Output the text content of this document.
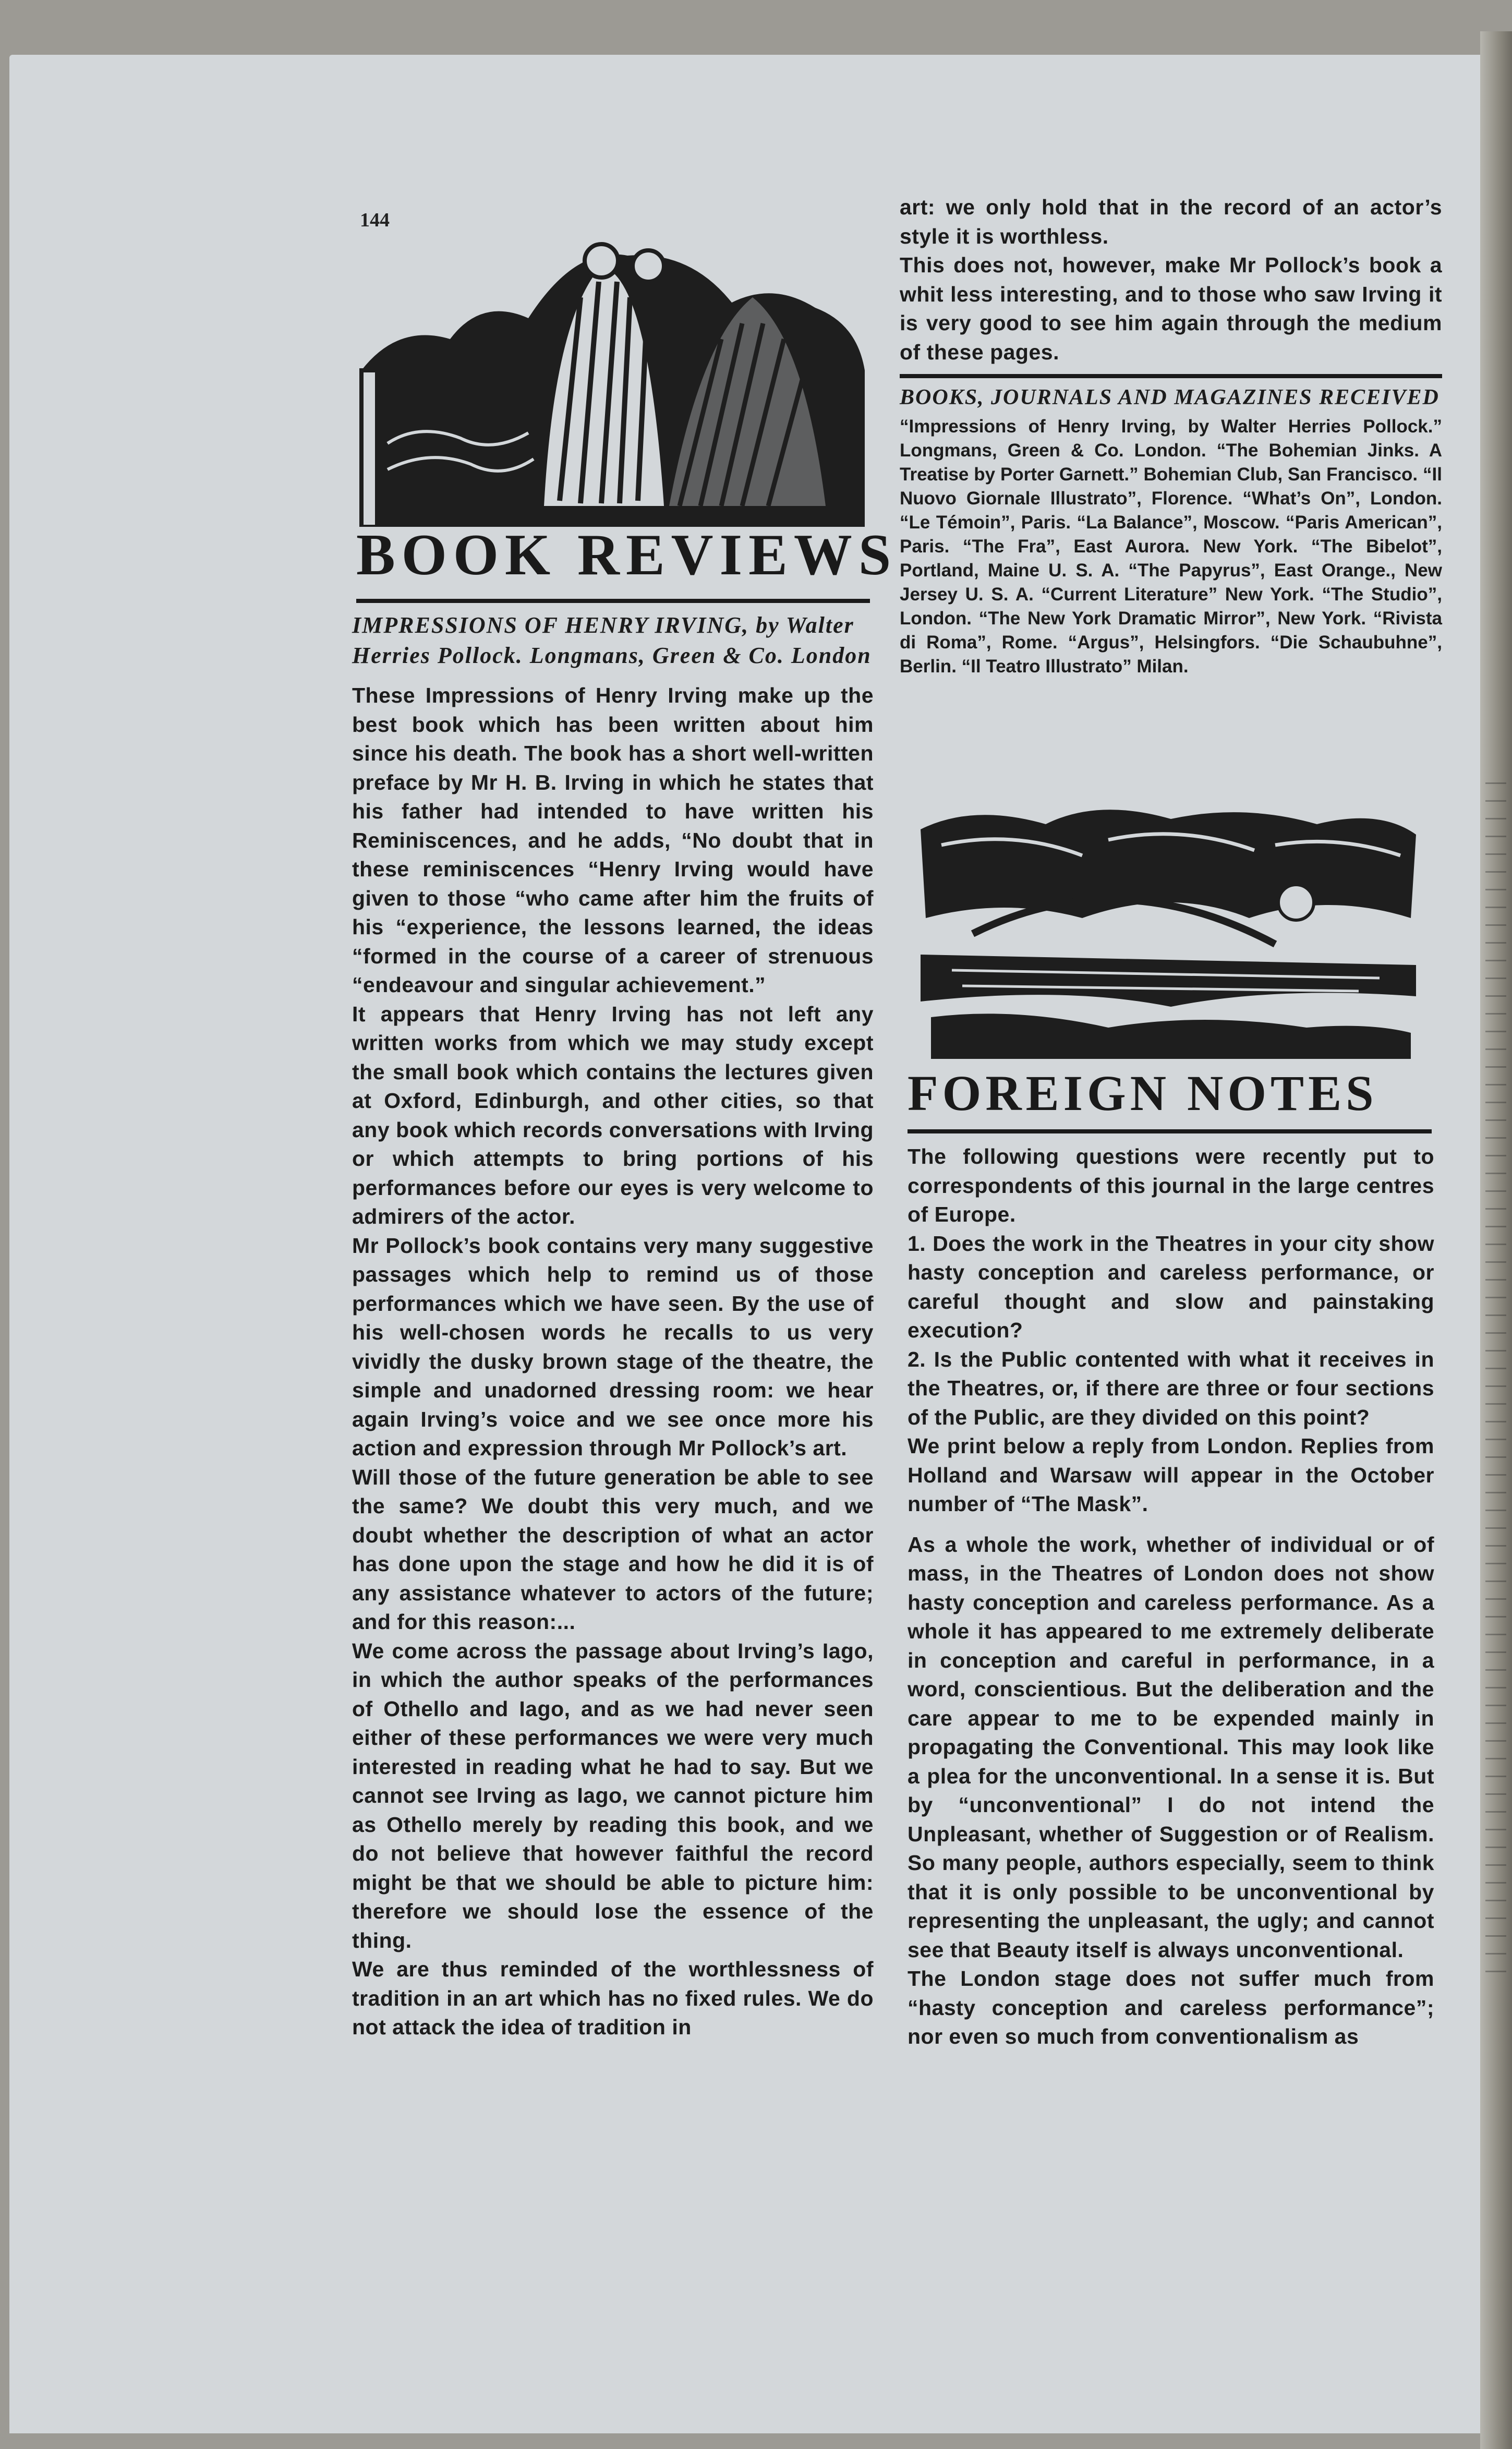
144
BOOK REVIEWS
IMPRESSIONS OF HENRY IRVING, by Walter Herries Pollock. Longmans, Green & Co. London

These Impressions of Henry Irving make up the best book which has been written about him since his death. The book has a short well-written preface by Mr H. B. Irving in which he states that his father had intended to have written his Reminiscences, and he adds, “No doubt that in these reminiscences “Henry Irving would have given to those “who came after him the fruits of his “experience, the lessons learned, the ideas “formed in the course of a career of strenuous “endeavour and singular achievement.”

It appears that Henry Irving has not left any written works from which we may study except the small book which contains the lectures given at Oxford, Edinburgh, and other cities, so that any book which records conversations with Irving or which attempts to bring portions of his performances before our eyes is very welcome to admirers of the actor.

Mr Pollock’s book contains very many suggestive passages which help to remind us of those performances which we have seen. By the use of his well-chosen words he recalls to us very vividly the dusky brown stage of the theatre, the simple and unadorned dressing room: we hear again Irving’s voice and we see once more his action and expression through Mr Pollock’s art.

Will those of the future generation be able to see the same? We doubt this very much, and we doubt whether the description of what an actor has done upon the stage and how he did it is of any assistance whatever to actors of the future; and for this reason:...

We come across the passage about Irving’s Iago, in which the author speaks of the performances of Othello and Iago, and as we had never seen either of these performances we were very much interested in reading what he had to say. But we cannot see Irving as Iago, we cannot picture him as Othello merely by reading this book, and we do not believe that however faithful the record might be that we should be able to picture him: therefore we should lose the essence of the thing.

We are thus reminded of the worthlessness of tradition in an art which has no fixed rules. We do not attack the idea of tradition in

art: we only hold that in the record of an actor’s style it is worthless.

This does not, however, make Mr Pollock’s book a whit less interesting, and to those who saw Irving it is very good to see him again through the medium of these pages.

BOOKS, JOURNALS AND MAGAZINES RECEIVED
“Impressions of Henry Irving, by Walter Herries Pollock.” Longmans, Green & Co. London. “The Bohemian Jinks. A Treatise by Porter Garnett.” Bohemian Club, San Francisco. “Il Nuovo Giornale Illustrato”, Florence. “What’s On”, London. “Le Témoin”, Paris. “La Balance”, Moscow. “Paris American”, Paris. “The Fra”, East Aurora. New York. “The Bibelot”, Portland, Maine U. S. A. “The Papyrus”, East Orange., New Jersey U. S. A. “Current Literature” New York. “The Studio”, London. “The New York Dramatic Mirror”, New York. “Rivista di Roma”, Rome. “Argus”, Helsingfors. “Die Schaubuhne”, Berlin. “Il Teatro Illustrato” Milan.
FOREIGN NOTES

The following questions were recently put to correspondents of this journal in the large centres of Europe.

1. Does the work in the Theatres in your city show hasty conception and careless performance, or careful thought and slow and painstaking execution?

2. Is the Public contented with what it receives in the Theatres, or, if there are three or four sections of the Public, are they divided on this point?

We print below a reply from London. Replies from Holland and Warsaw will appear in the October number of “The Mask”.

As a whole the work, whether of individual or of mass, in the Theatres of London does not show hasty conception and careless performance. As a whole it has appeared to me extremely deliberate in conception and careful in performance, in a word, conscientious. But the deliberation and the care appear to me to be expended mainly in propagating the Conventional. This may look like a plea for the unconventional. In a sense it is. But by “unconventional” I do not intend the Unpleasant, whether of Suggestion or of Realism. So many people, authors especially, seem to think that it is only possible to be unconventional by representing the unpleasant, the ugly; and cannot see that Beauty itself is always unconventional.

The London stage does not suffer much from “hasty conception and careless performance”; nor even so much from conventionalism as
